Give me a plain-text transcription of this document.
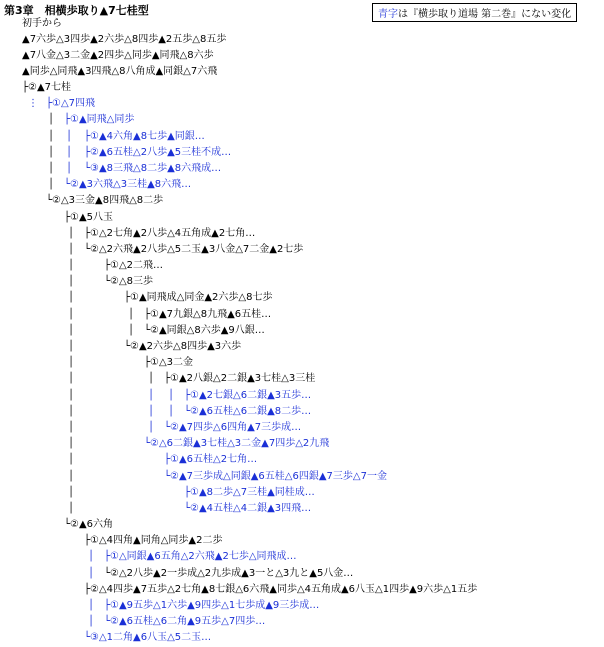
第3章　相横歩取り▲7七桂型	青字は『横歩取り道場 第二巻』にない変化
初手から
▲7六歩△3四歩▲2六歩△8四歩▲2五歩△8五歩
▲7八金△3二金▲2四歩△同歩▲同飛△8六歩
▲同歩△同飛▲3四飛△8八角成▲同銀△7六飛
├②▲7七桂
⋮ ├①△7四飛
│ ├①▲同飛△同歩
│ │ ├①▲4六角▲8七歩▲同銀…
│ │ ├②▲6五桂△2八歩▲5三桂不成…
│ │ └③▲8三飛△8二歩▲8六飛成…
│ └②▲3六飛△3三桂▲8六飛…
└②△3三金▲8四飛△8二歩
├①▲5八玉
│ ├①△2七角▲2八歩△4五角成▲2七角…
│ └②△2六飛▲2八歩△5二玉▲3八金△7二金▲2七歩
│	├①△2二飛…
│	└②△8三歩
│	├①▲同飛成△同金▲2六歩△8七歩
│	│ ├①▲7九銀△8九飛▲6五桂…
│	│ └②▲同銀△8六歩▲9八銀…
│	└②▲2六歩△8四歩▲3六歩
│	├①△3二金
│	│ ├①▲2八銀△2二銀▲3七桂△3三桂
│	│ │ ├①▲2七銀△6二銀▲3五歩…
│	│ │ └②▲6五桂△6二銀▲8二歩…
│	│ └②▲7四歩△6四角▲7三歩成…
│	└②△6二銀▲3七桂△3二金▲7四歩△2九飛
│	├①▲6五桂△2七角…
│	└②▲7三歩成△同銀▲6五桂△6四銀▲7三歩△7一金
│	├①▲8二歩△7三桂▲同桂成…
│	└②▲4五桂△4二銀▲3四飛…
└②▲6六角
├①△4四角▲同角△同歩▲2二歩
│ ├①△同銀▲6五角△2六飛▲2七歩△同飛成…
│ └②△2八歩▲2一歩成△2九歩成▲3一と△3九と▲5八金…
├②△4四歩▲7五歩△2七角▲8七銀△6六飛▲同歩△4五角成▲6八玉△1四歩▲9六歩△1五歩
│ ├①▲9五歩△1六歩▲9四歩△1七歩成▲9三歩成…
│ └②▲6五桂△6二角▲9五歩△7四歩…
└③△1二角▲6八玉△5二玉…
